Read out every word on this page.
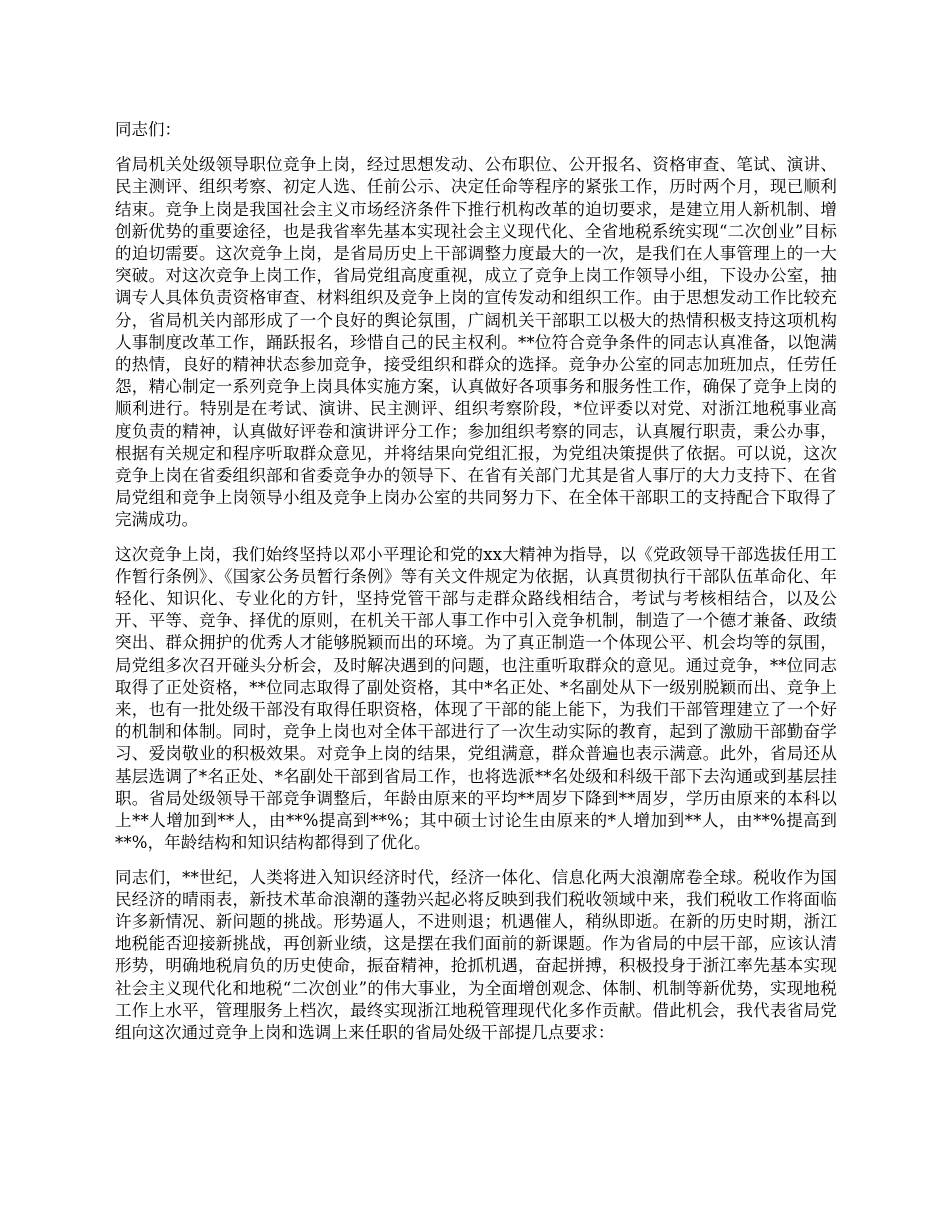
同志们：

省局机关处级领导职位竞争上岗，经过思想发动、公布职位、公开报名、资格审查、笔试、演讲、民主测评、组织考察、初定人选、任前公示、决定任命等程序的紧张工作，历时两个月，现已顺利结束。竞争上岗是我国社会主义市场经济条件下推行机构改革的迫切要求，是建立用人新机制、增创新优势的重要途径，也是我省率先基本实现社会主义现代化、全省地税系统实现“二次创业”目标的迫切需要。这次竞争上岗，是省局历史上干部调整力度最大的一次，是我们在人事管理上的一大突破。对这次竞争上岗工作，省局党组高度重视，成立了竞争上岗工作领导小组，下设办公室，抽调专人具体负责资格审查、材料组织及竞争上岗的宣传发动和组织工作。由于思想发动工作比较充分，省局机关内部形成了一个良好的舆论氛围，广阔机关干部职工以极大的热情积极支持这项机构人事制度改革工作，踊跃报名，珍惜自己的民主权利。**位符合竞争条件的同志认真准备，以饱满的热情，良好的精神状态参加竞争，接受组织和群众的选择。竞争办公室的同志加班加点，任劳任怨，精心制定一系列竞争上岗具体实施方案，认真做好各项事务和服务性工作，确保了竞争上岗的顺利进行。特别是在考试、演讲、民主测评、组织考察阶段，*位评委以对党、对浙江地税事业高度负责的精神，认真做好评卷和演讲评分工作；参加组织考察的同志，认真履行职责，秉公办事，根据有关规定和程序听取群众意见，并将结果向党组汇报，为党组决策提供了依据。可以说，这次竞争上岗在省委组织部和省委竞争办的领导下、在省有关部门尤其是省人事厅的大力支持下、在省局党组和竞争上岗领导小组及竞争上岗办公室的共同努力下、在全体干部职工的支持配合下取得了完满成功。

这次竞争上岗，我们始终坚持以邓小平理论和党的xx大精神为指导，以《党政领导干部选拔任用工作暂行条例》、《国家公务员暂行条例》等有关文件规定为依据，认真贯彻执行干部队伍革命化、年轻化、知识化、专业化的方针，坚持党管干部与走群众路线相结合，考试与考核相结合，以及公开、平等、竞争、择优的原则，在机关干部人事工作中引入竞争机制，制造了一个德才兼备、政绩突出、群众拥护的优秀人才能够脱颖而出的环境。为了真正制造一个体现公平、机会均等的氛围，局党组多次召开碰头分析会，及时解决遇到的问题，也注重听取群众的意见。通过竞争，**位同志取得了正处资格，**位同志取得了副处资格，其中*名正处、*名副处从下一级别脱颖而出、竞争上来，也有一批处级干部没有取得任职资格，体现了干部的能上能下，为我们干部管理建立了一个好的机制和体制。同时，竞争上岗也对全体干部进行了一次生动实际的教育，起到了激励干部勤奋学习、爱岗敬业的积极效果。对竞争上岗的结果，党组满意，群众普遍也表示满意。此外，省局还从基层选调了*名正处、*名副处干部到省局工作，也将选派**名处级和科级干部下去沟通或到基层挂职。省局处级领导干部竞争调整后，年龄由原来的平均**周岁下降到**周岁，学历由原来的本科以上**人增加到**人，由**%提高到**%；其中硕士讨论生由原来的*人增加到**人，由**%提高到**%，年龄结构和知识结构都得到了优化。

同志们，**世纪，人类将进入知识经济时代，经济一体化、信息化两大浪潮席卷全球。税收作为国民经济的晴雨表，新技术革命浪潮的蓬勃兴起必将反映到我们税收领域中来，我们税收工作将面临许多新情况、新问题的挑战。形势逼人，不进则退；机遇催人，稍纵即逝。在新的历史时期，浙江地税能否迎接新挑战，再创新业绩，这是摆在我们面前的新课题。作为省局的中层干部，应该认清形势，明确地税肩负的历史使命，振奋精神，抢抓机遇，奋起拼搏，积极投身于浙江率先基本实现社会主义现代化和地税“二次创业”的伟大事业，为全面增创观念、体制、机制等新优势，实现地税工作上水平，管理服务上档次，最终实现浙江地税管理现代化多作贡献。借此机会，我代表省局党组向这次通过竞争上岗和选调上来任职的省局处级干部提几点要求：
